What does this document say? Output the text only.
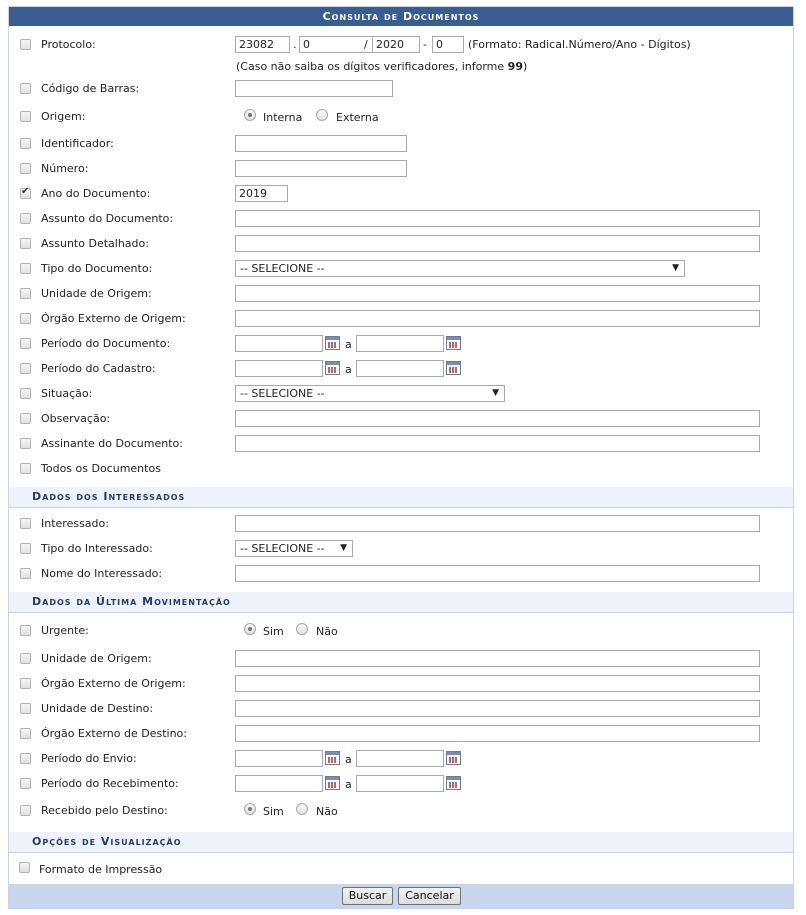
Consulta de Documentos
Protocolo:	23082	. 0	/ 2020	- 0	(Formato: Radical.Número/Ano - Dígitos)
(Caso não saiba os dígitos verificadores, informe 99)
Código de Barras:
Origem:	Interna	Externa
Identificador:
Número:
✔
Ano do Documento:	2019
Assunto do Documento:
Assunto Detalhado:
Tipo do Documento:	-- SELECIONE --	▼
Unidade de Origem:
Órgão Externo de Origem:
Período do Documento:	a
Período do Cadastro:	a
Situação:	-- SELECIONE --	▼
Observação:
Assinante do Documento:
Todos os Documentos
Dados dos Interessados
Interessado:
Tipo do Interessado:	-- SELECIONE -- ▼
Nome do Interessado:
Dados da Última Movimentação
Urgente:	Sim	Não
Unidade de Origem:
Órgão Externo de Origem:
Unidade de Destino:
Órgão Externo de Destino:
Período do Envio:	a
Período do Recebimento:	a
Recebido pelo Destino:	Sim	Não
Opções de Visualização
Formato de Impressão
Buscar	Cancelar
